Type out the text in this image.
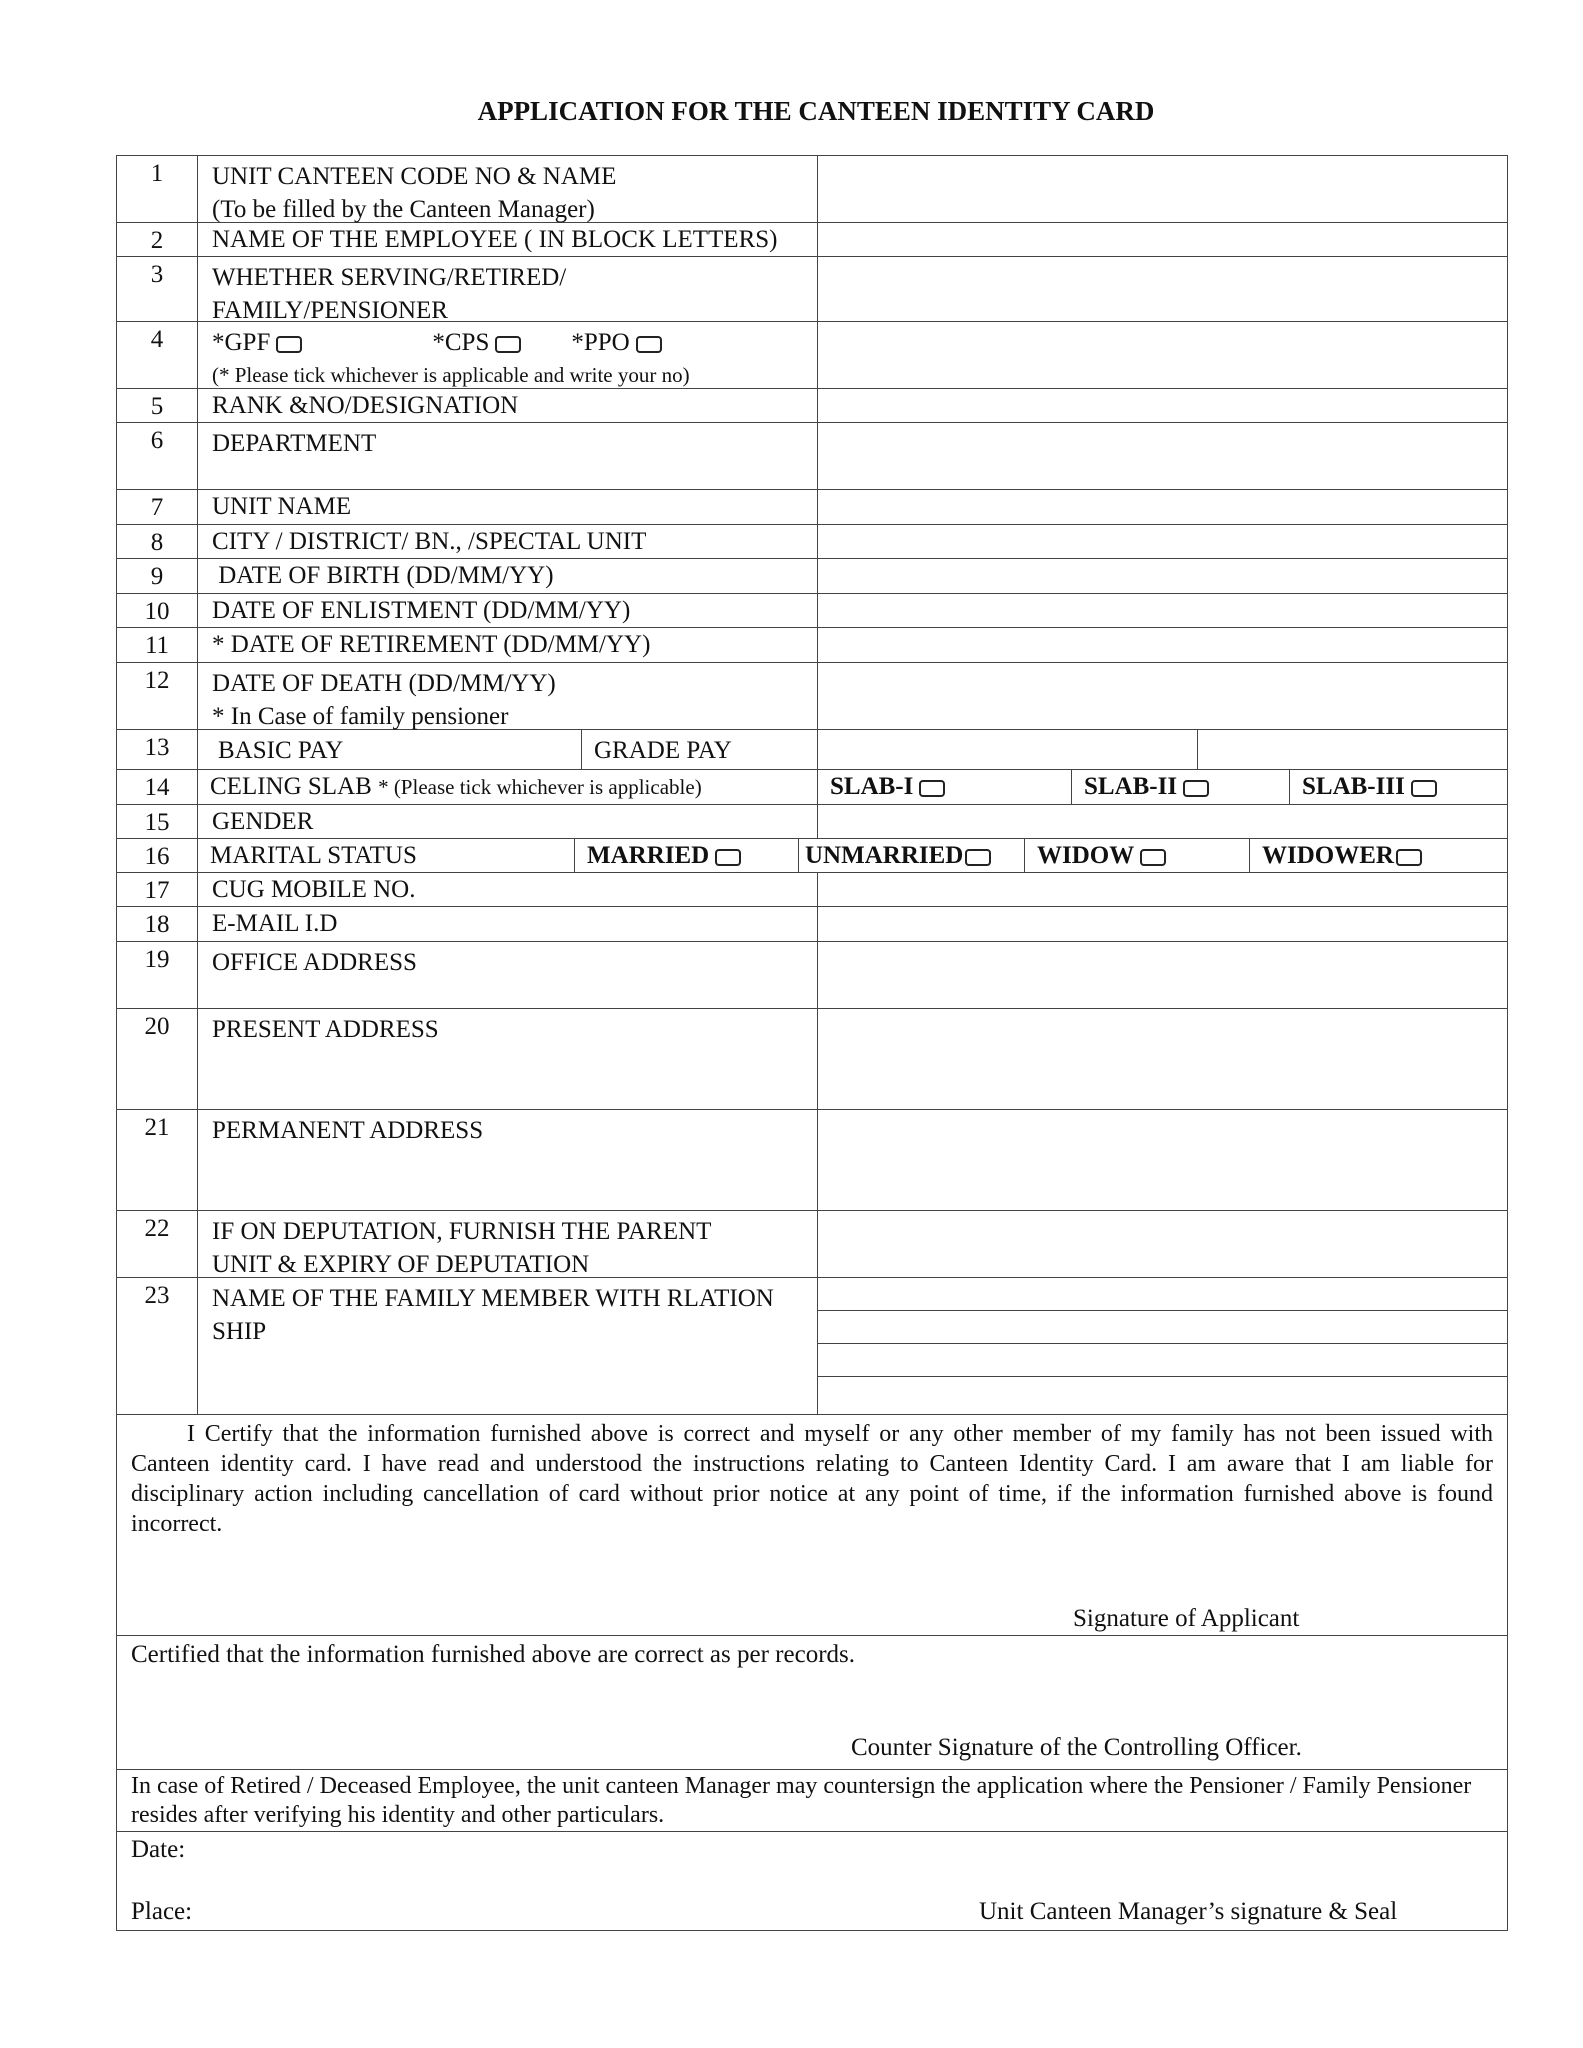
APPLICATION FOR THE CANTEEN IDENTITY CARD
1	UNIT CANTEEN CODE NO & NAME
(To be filled by the Canteen Manager)
2	NAME OF THE EMPLOYEE ( IN BLOCK LETTERS)
3	WHETHER SERVING/RETIRED/
FAMILY/PENSIONER
4	*GPF	*CPS	*PPO
(* Please tick whichever is applicable and write your no)
5	RANK &NO/DESIGNATION
6	DEPARTMENT
7	UNIT NAME
8	CITY / DISTRICT/ BN., /SPECTAL UNIT
9	DATE OF BIRTH (DD/MM/YY)
10	DATE OF ENLISTMENT (DD/MM/YY)
11	* DATE OF RETIREMENT (DD/MM/YY)
12	DATE OF DEATH (DD/MM/YY)
* In Case of family pensioner
13	BASIC PAY	GRADE PAY
14	CELING SLAB * (Please tick whichever is applicable)	SLAB-I	SLAB-II	SLAB-III
15	GENDER
16	MARITAL STATUS	MARRIED	UNMARRIED	WIDOW	WIDOWER
17	CUG MOBILE NO.
18	E-MAIL I.D
19	OFFICE ADDRESS
20	PRESENT ADDRESS
21	PERMANENT ADDRESS
22	IF ON DEPUTATION, FURNISH THE PARENT
UNIT & EXPIRY OF DEPUTATION
23	NAME OF THE FAMILY MEMBER WITH RLATION
SHIP
I Certify that the information furnished above is correct and myself or any other member of my family has not been issued with Canteen identity card. I have read and understood the instructions relating to Canteen Identity Card. I am aware that I am liable for disciplinary action including cancellation of card without prior notice at any point of time, if the information furnished above is found incorrect.
Signature of Applicant
Certified that the information furnished above are correct as per records.
Counter Signature of the Controlling Officer.
In case of Retired / Deceased Employee, the unit canteen Manager may countersign the application where the Pensioner / Family Pensioner resides after verifying his identity and other particulars.
Date:
Place:	Unit Canteen Manager’s signature & Seal
